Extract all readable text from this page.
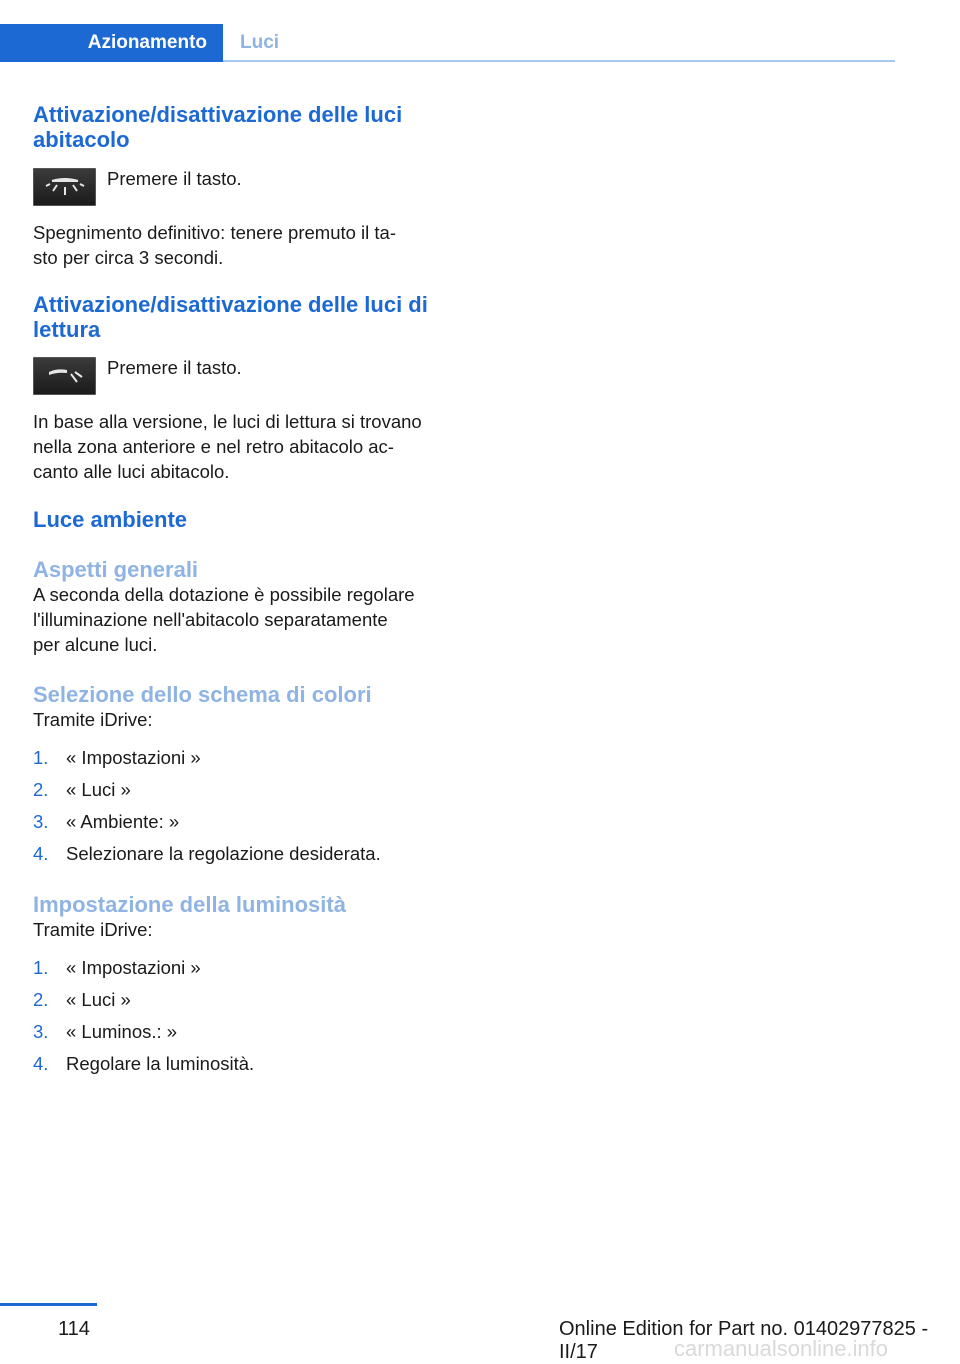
Azionamento Luci
Attivazione/disattivazione delle luci
abitacolo
Premere il tasto.

Spegnimento definitivo: tenere premuto il ta-
sto per circa 3 secondi.

Attivazione/disattivazione delle luci di
lettura
Premere il tasto.

In base alla versione, le luci di lettura si trovano
nella zona anteriore e nel retro abitacolo ac-
canto alle luci abitacolo.

Luce ambiente
Aspetti generali

A seconda della dotazione è possibile regolare
l'illuminazione nell'abitacolo separatamente
per alcune luci.

Selezione dello schema di colori

Tramite iDrive:

1. « Impostazioni »
2. « Luci »
3. « Ambiente: »
4. Selezionare la regolazione desiderata.
Impostazione della luminosità

Tramite iDrive:

1. « Impostazioni »
2. « Luci »
3. « Luminos.: »
4. Regolare la luminosità.
114	Online Edition for Part no. 01402977825 - II/17	carmanualsonline.info
